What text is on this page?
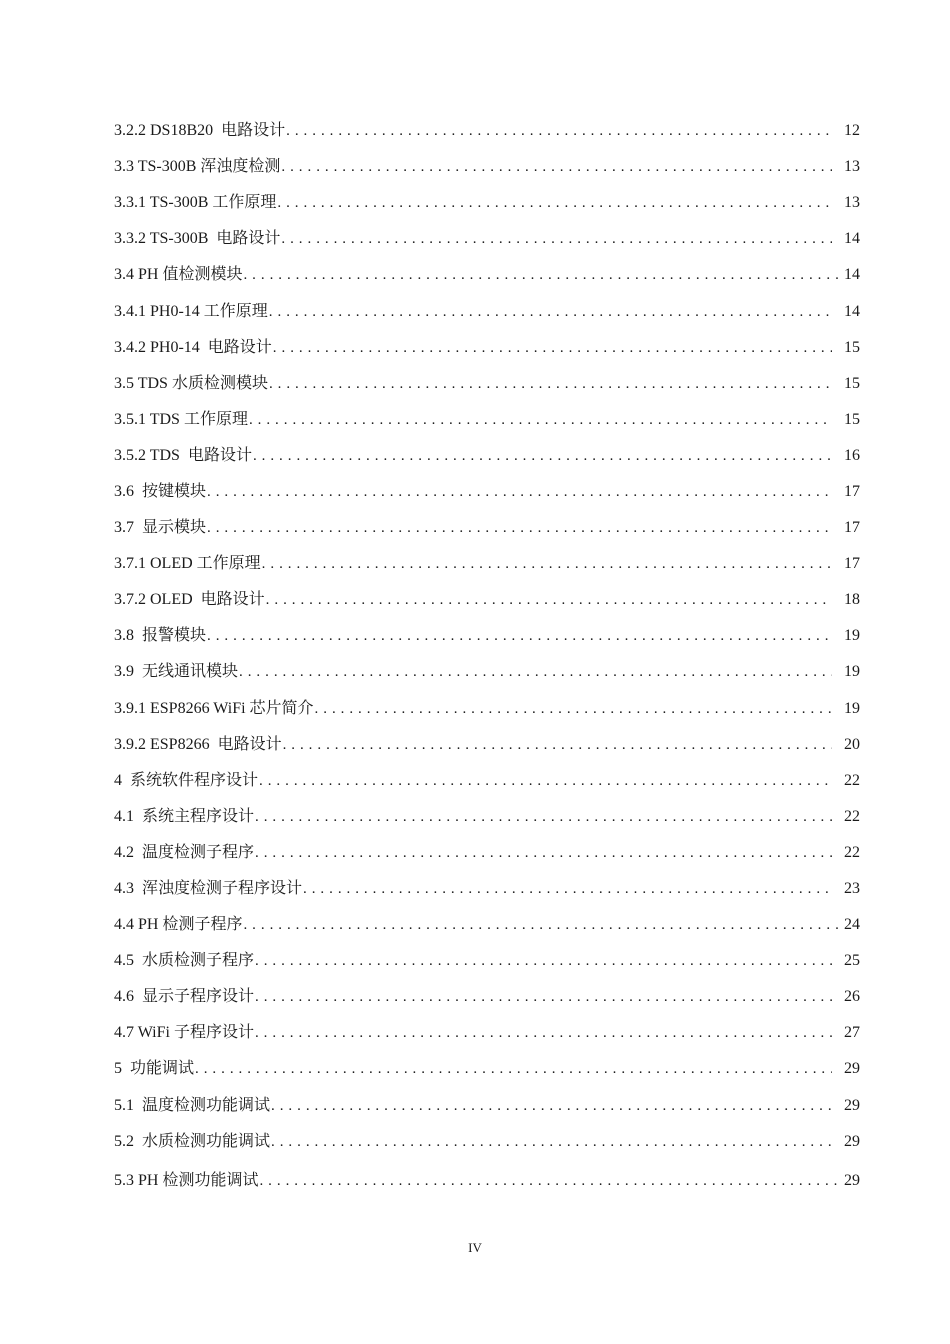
3.2.2 DS18B20  电路设计 . . .	12
3.3 TS-300B 浑浊度检测 . . .	13
3.3.1 TS-300B 工作原理 . . .	13
3.3.2 TS-300B  电路设计 . . .	14
3.4 PH 值检测模块 . . .	14
3.4.1 PH0-14 工作原理 . . .	14
3.4.2 PH0-14  电路设计 . . .	15
3.5 TDS 水质检测模块 . . .	15
3.5.1 TDS 工作原理 . . .	15
3.5.2 TDS  电路设计 . . .	16
3.6  按键模块 . . .	17
3.7  显示模块 . . .	17
3.7.1 OLED 工作原理 . . .	17
3.7.2 OLED  电路设计 . . .	18
3.8  报警模块 . . .	19
3.9  无线通讯模块 . . .	19
3.9.1 ESP8266 WiFi 芯片简介 . . .	19
3.9.2 ESP8266  电路设计 . . .	20
4  系统软件程序设计 . . .	22
4.1  系统主程序设计 . . .	22
4.2  温度检测子程序 . . .	22
4.3  浑浊度检测子程序设计 . . .	23
4.4 PH 检测子程序 . . .	24
4.5  水质检测子程序 . . .	25
4.6  显示子程序设计 . . .	26
4.7 WiFi 子程序设计 . . .	27
5  功能调试 . . .	29
5.1  温度检测功能调试 . . .	29
5.2  水质检测功能调试 . . .	29
5.3 PH 检测功能调试 . . .	29
IV
